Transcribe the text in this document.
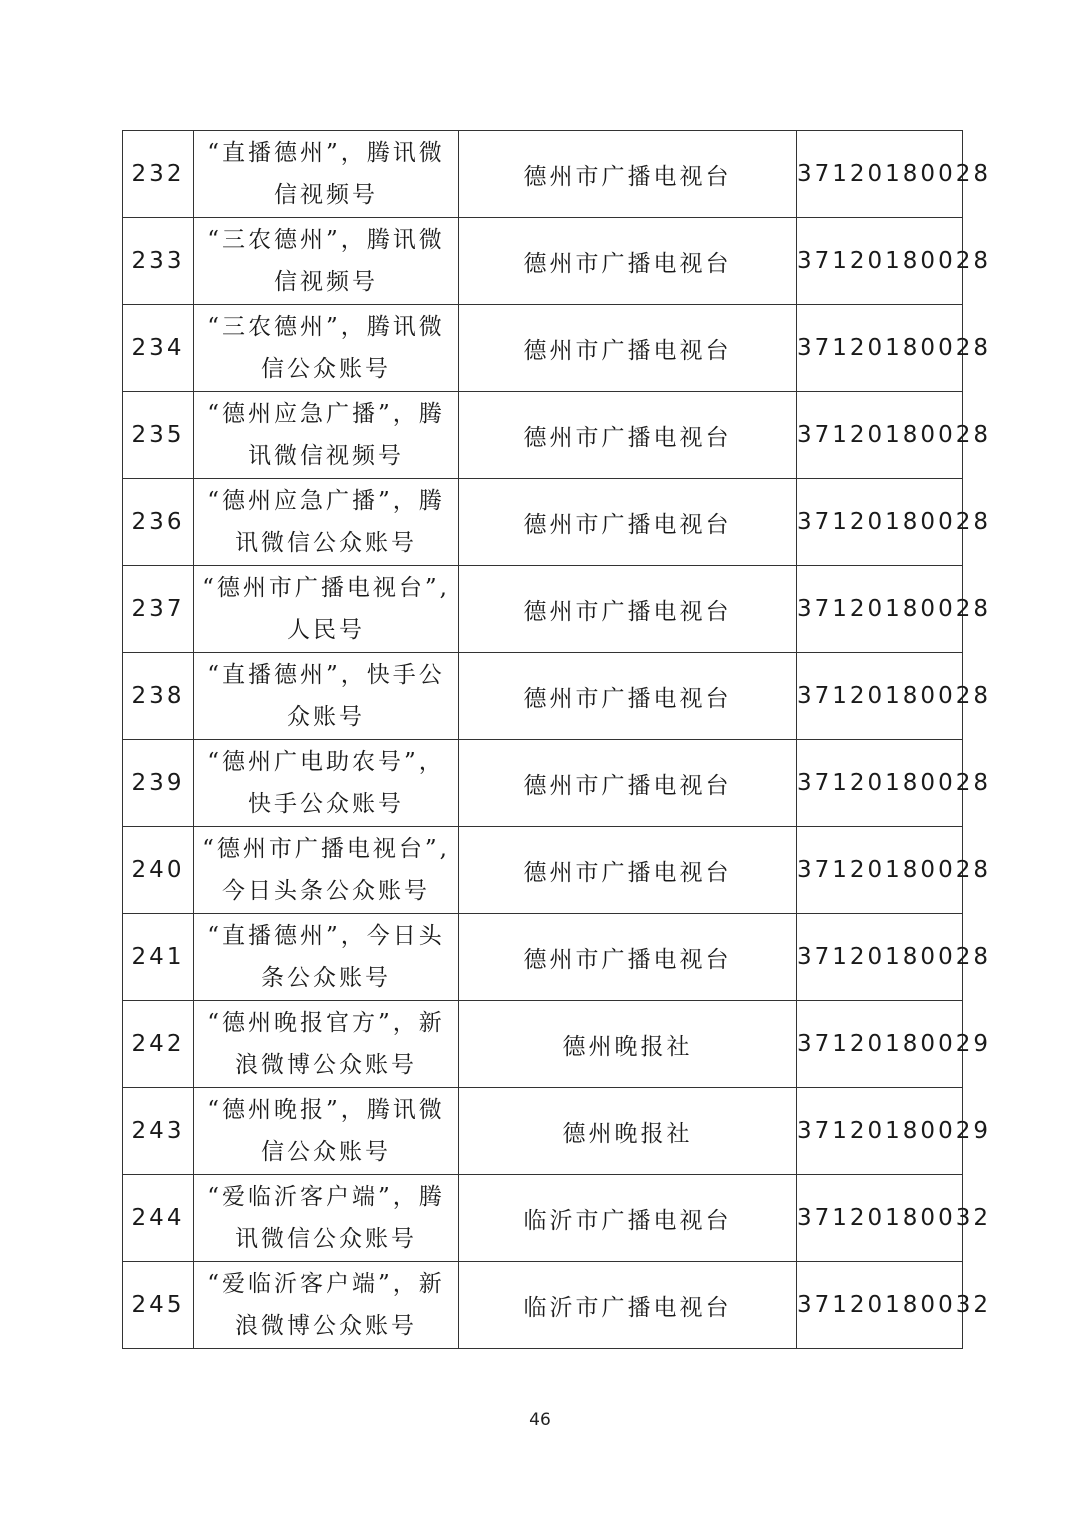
232	“直播德州”，腾讯微
信视频号	德州市广播电视台	37120180028
233	“三农德州”，腾讯微
信视频号	德州市广播电视台	37120180028
234	“三农德州”，腾讯微
信公众账号	德州市广播电视台	37120180028
235	“德州应急广播”，腾
讯微信视频号	德州市广播电视台	37120180028
236	“德州应急广播”，腾
讯微信公众账号	德州市广播电视台	37120180028
237	“德州市广播电视台”,
人民号	德州市广播电视台	37120180028
238	“直播德州”，快手公
众账号	德州市广播电视台	37120180028
239	“德州广电助农号”，
快手公众账号	德州市广播电视台	37120180028
240	“德州市广播电视台”,
今日头条公众账号	德州市广播电视台	37120180028
241	“直播德州”，今日头
条公众账号	德州市广播电视台	37120180028
242	“德州晚报官方”，新
浪微博公众账号	德州晚报社	37120180029
243	“德州晚报”，腾讯微
信公众账号	德州晚报社	37120180029
244	“爱临沂客户端”，腾
讯微信公众账号	临沂市广播电视台	37120180032
245	“爱临沂客户端”，新
浪微博公众账号	临沂市广播电视台	37120180032
46
